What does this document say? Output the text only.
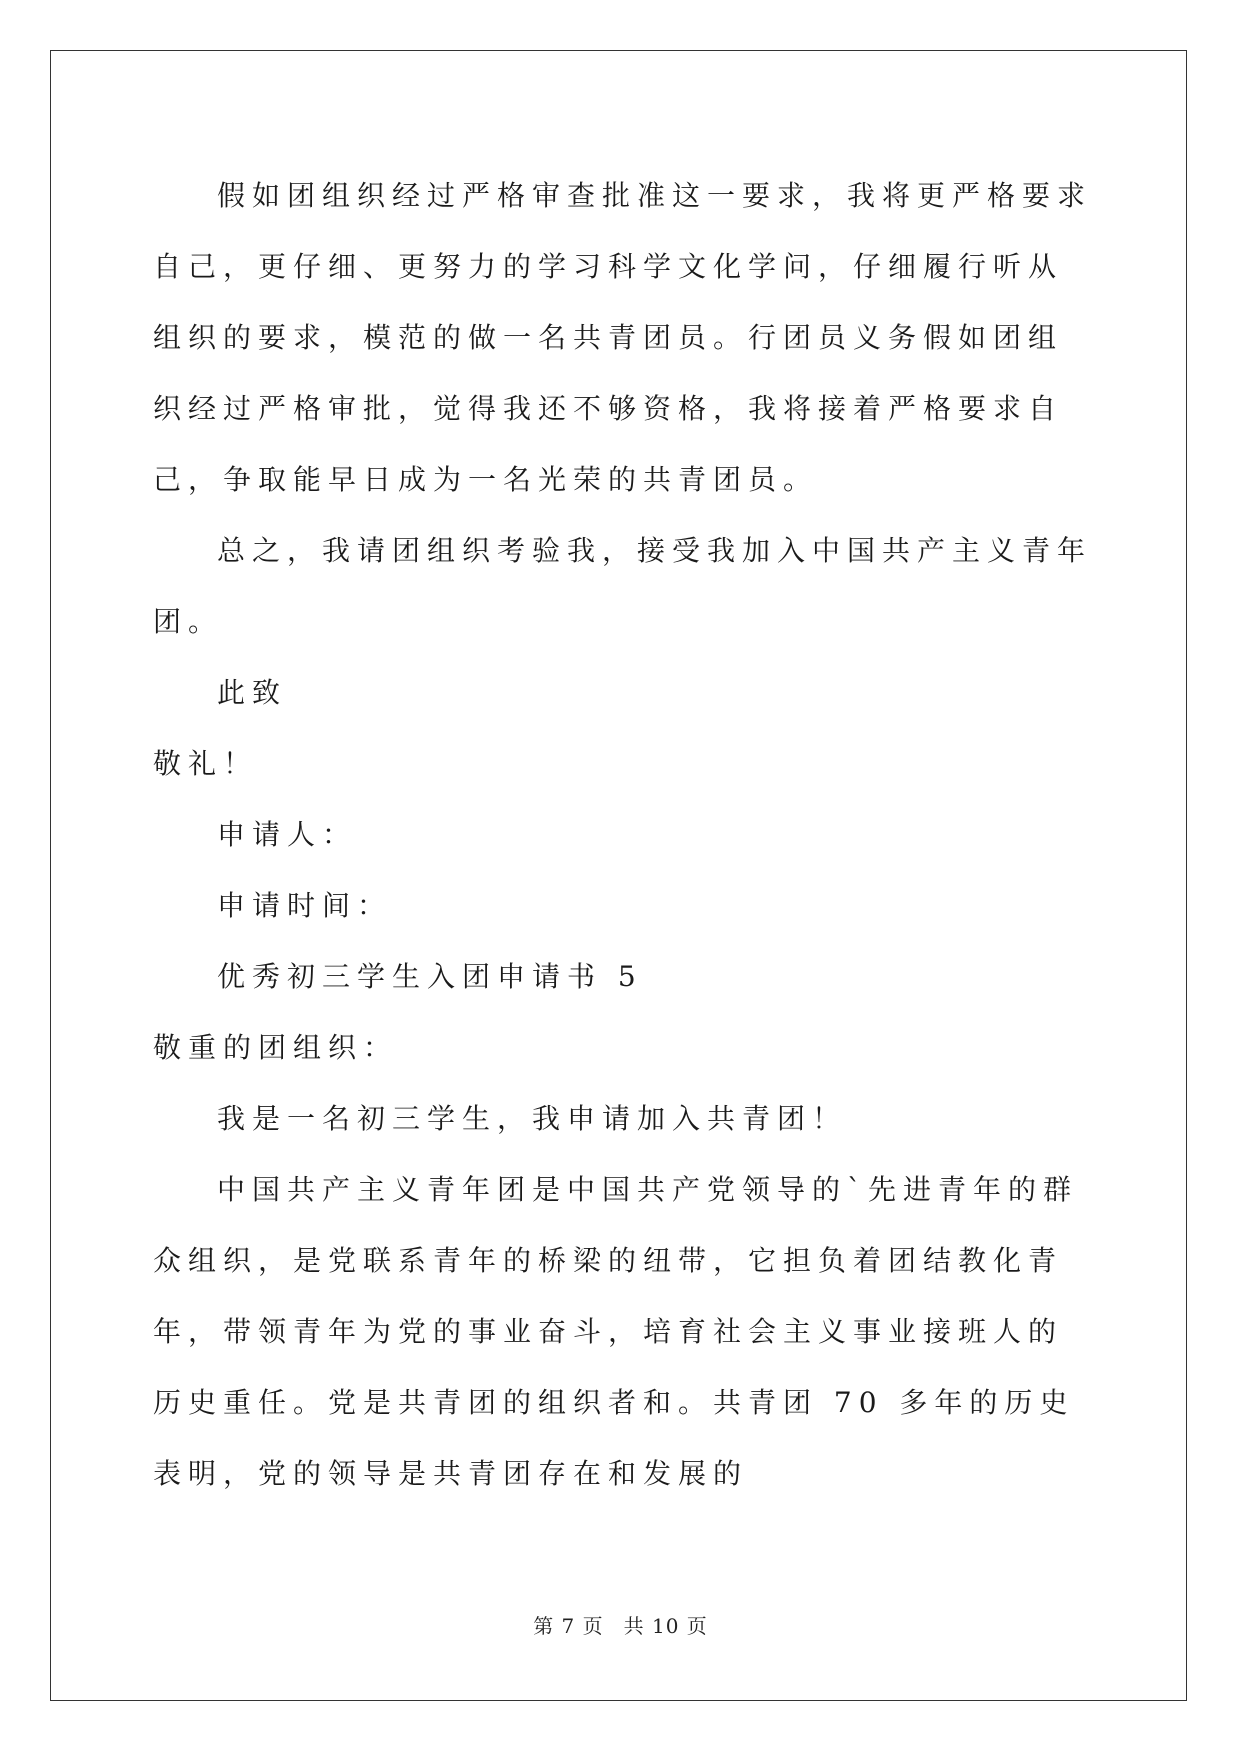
假如团组织经过严格审查批准这一要求，我将更严格要求自己，更仔细、更努力的学习科学文化学问，仔细履行听从组织的要求，模范的做一名共青团员。行团员义务假如团组织经过严格审批，觉得我还不够资格，我将接着严格要求自己，争取能早日成为一名光荣的共青团员。

总之，我请团组织考验我，接受我加入中国共产主义青年团。

此致

敬礼！

申请人：

申请时间：

优秀初三学生入团申请书 5

敬重的团组织：

我是一名初三学生，我申请加入共青团！

中国共产主义青年团是中国共产党领导的`先进青年的群众组织，是党联系青年的桥梁的纽带，它担负着团结教化青年，带领青年为党的事业奋斗，培育社会主义事业接班人的历史重任。党是共青团的组织者和。共青团 70 多年的历史表明，党的领导是共青团存在和发展的

第 7 页 共 10 页
